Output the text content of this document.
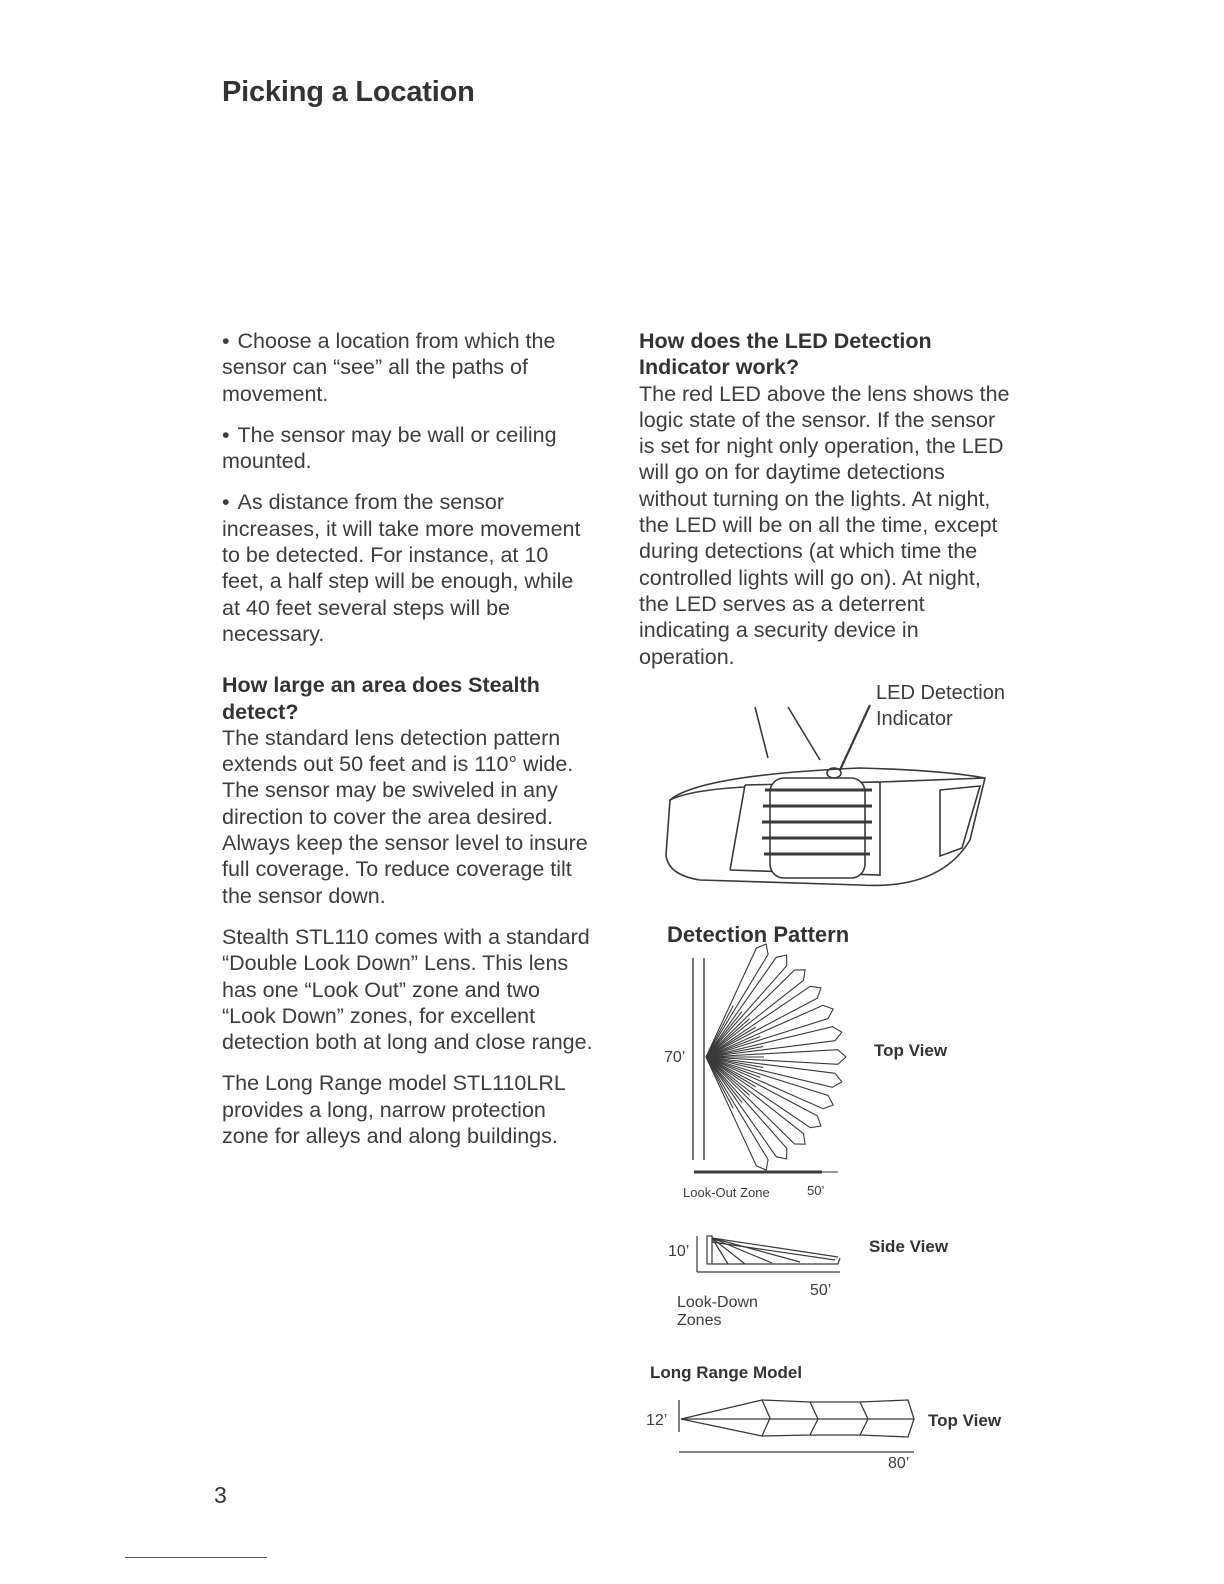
Picking a Location

• Choose a location from which the sensor can “see” all the paths of movement.

• The sensor may be wall or ceiling mounted.

• As distance from the sensor increases, it will take more movement to be detected. For instance, at 10 feet, a half step will be enough, while at 40 feet several steps will be necessary.

How large an area does Stealth detect?

The standard lens detection pattern extends out 50 feet and is 110° wide. The sensor may be swiveled in any direction to cover the area desired. Always keep the sensor level to insure full coverage. To reduce coverage tilt the sensor down.

Stealth STL110 comes with a standard “Double Look Down” Lens. This lens has one “Look Out” zone and two “Look Down” zones, for excellent detection both at long and close range.

The Long Range model STL110LRL provides a long, narrow protection zone for alleys and along buildings.

How does the LED Detection Indicator work?

The red LED above the lens shows the logic state of the sensor. If the sensor is set for night only operation, the LED will go on for daytime detections without turning on the lights. At night, the LED will be on all the time, except during detections (at which time the controlled lights will go on). At night, the LED serves as a deterrent indicating a security device in operation.

LED Detection
Indicator
Detection Pattern
70’	Top View
Look-Out Zone	50’
10’	Side View
50’
Look-Down
Zones
Long Range Model
12’	Top View
80’
3
